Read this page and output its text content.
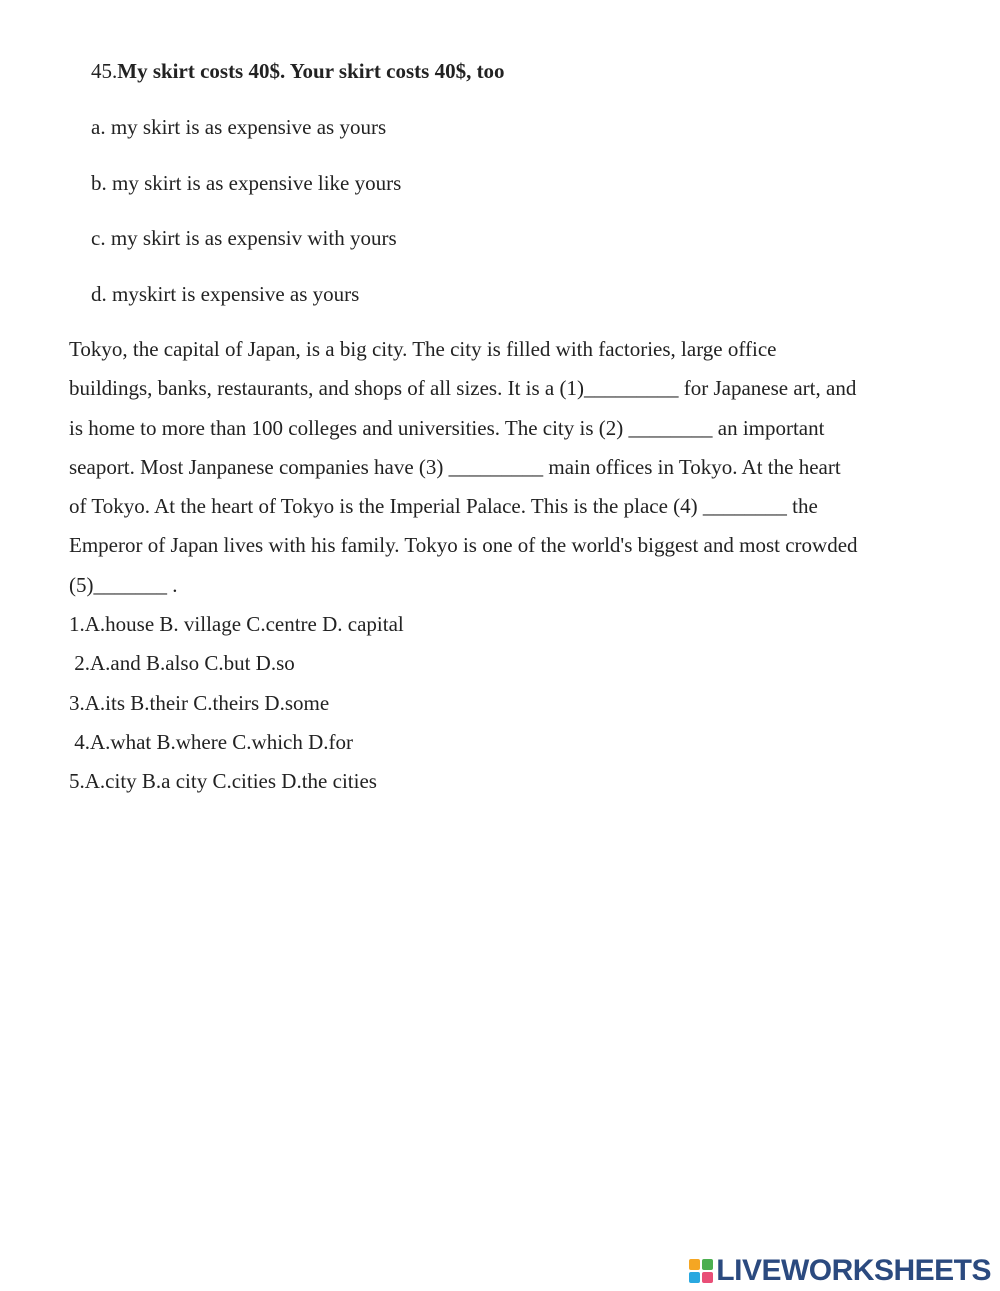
45.My skirt costs 40$. Your skirt costs 40$, too
a. my skirt is as expensive as yours
b. my skirt is as expensive like yours
c. my skirt is as expensiv with yours
d. myskirt is expensive as yours
Tokyo, the capital of Japan, is a big city. The city is filled with factories, large office
buildings, banks, restaurants, and shops of all sizes. It is a (1)_________ for Japanese art, and
is home to more than 100 colleges and universities. The city is (2) ________ an important
seaport. Most Janpanese companies have (3) _________ main offices in Tokyo. At the heart
of Tokyo. At the heart of Tokyo is the Imperial Palace. This is the place (4) ________ the
Emperor of Japan lives with his family. Tokyo is one of the world's biggest and most crowded
(5)_______ .
1.A.house B. village C.centre D. capital
2.A.and B.also C.but D.so
3.A.its B.their C.theirs D.some
4.A.what B.where C.which D.for
5.A.city B.a city C.cities D.the cities
LIVEWORKSHEETS
